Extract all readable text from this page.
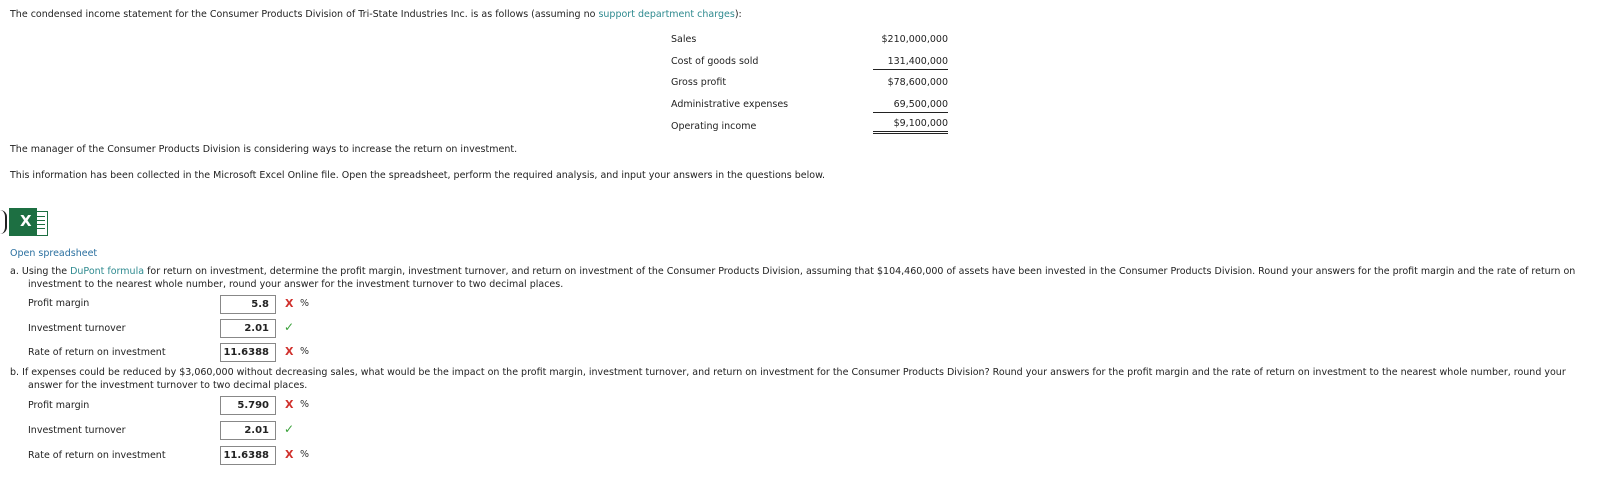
The condensed income statement for the Consumer Products Division of Tri-State Industries Inc. is as follows (assuming no support department charges):
Sales	$210,000,000
Cost of goods sold	131,400,000
Gross profit	$78,600,000
Administrative expenses	69,500,000
Operating income	$9,100,000
The manager of the Consumer Products Division is considering ways to increase the return on investment.
This information has been collected in the Microsoft Excel Online file. Open the spreadsheet, perform the required analysis, and input your answers in the questions below.
X
Open spreadsheet
a. Using the DuPont formula for return on investment, determine the profit margin, investment turnover, and return on investment of the Consumer Products Division, assuming that $104,460,000 of assets have been invested in the Consumer Products Division. Round your answers for the profit margin and the rate of return on
investment to the nearest whole number, round your answer for the investment turnover to two decimal places.
Profit margin	5.8	X %
Investment turnover	2.01	✓
Rate of return on investment	11.6388	X %
b. If expenses could be reduced by $3,060,000 without decreasing sales, what would be the impact on the profit margin, investment turnover, and return on investment for the Consumer Products Division? Round your answers for the profit margin and the rate of return on investment to the nearest whole number, round your
answer for the investment turnover to two decimal places.
Profit margin	5.790	X %
Investment turnover	2.01	✓
Rate of return on investment	11.6388	X %
